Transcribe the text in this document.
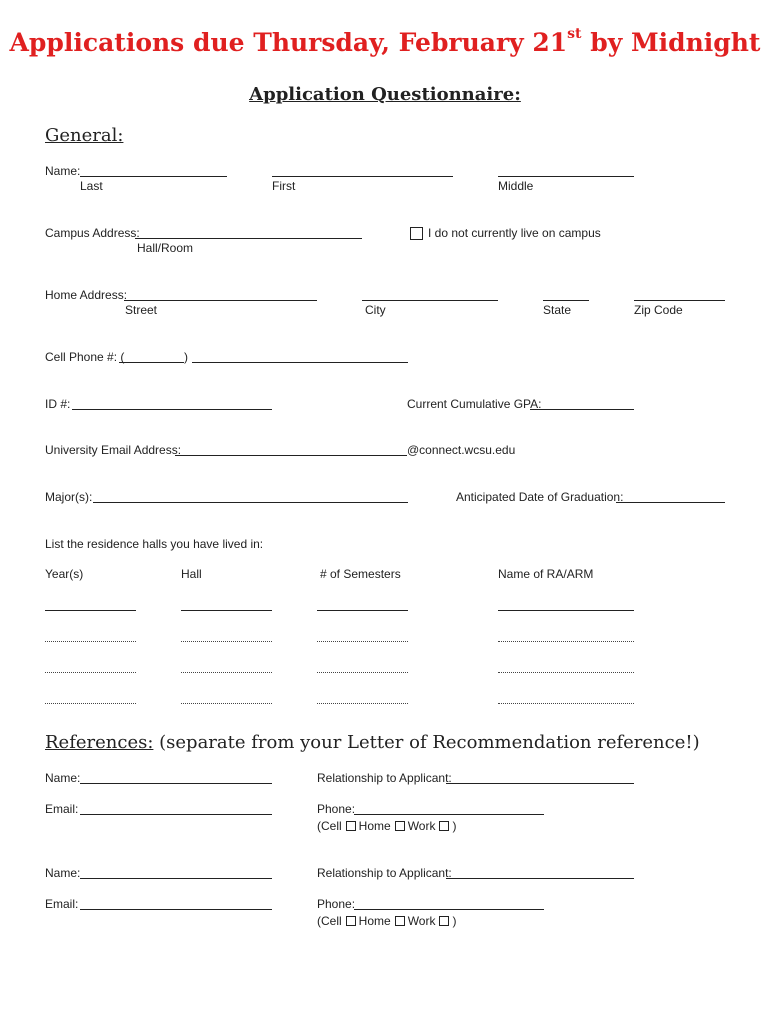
Applications due Thursday, February 21st by Midnight
Application Questionnaire:
General:
Name:
Last	First	Middle
Campus Address:
Hall/Room
I do not currently live on campus
Home Address:
Street	City	State	Zip Code
Cell Phone #: (	)
ID #:	Current Cumulative GPA:
University Email Address:	@connect.wcsu.edu
Major(s):	Anticipated Date of Graduation:
List the residence halls you have lived in:
Year(s)	Hall	# of Semesters	Name of RA/ARM
References: (separate from your Letter of Recommendation reference!)
Name:	Relationship to Applicant:
Email:	Phone:
(Cell Home Work )
Name:	Relationship to Applicant:
Email:	Phone:
(Cell Home Work )
